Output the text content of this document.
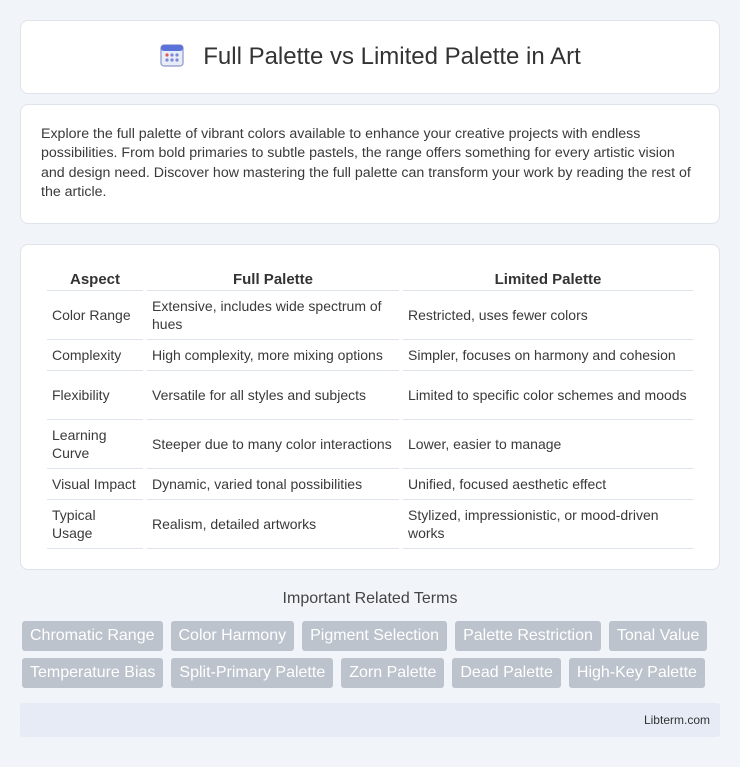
Full Palette vs Limited Palette in Art

Explore the full palette of vibrant colors available to enhance your creative projects with endless possibilities. From bold primaries to subtle pastels, the range offers something for every artistic vision and design need. Discover how mastering the full palette can transform your work by reading the rest of the article.

Aspect	Full Palette	Limited Palette
Color Range	Extensive, includes wide spectrum of hues	Restricted, uses fewer colors
Complexity	High complexity, more mixing options	Simpler, focuses on harmony and cohesion
Flexibility	Versatile for all styles and subjects	Limited to specific color schemes and moods
Learning Curve	Steeper due to many color interactions	Lower, easier to manage
Visual Impact	Dynamic, varied tonal possibilities	Unified, focused aesthetic effect
Typical Usage	Realism, detailed artworks	Stylized, impressionistic, or mood-driven works
Important Related Terms
Chromatic Range	Color Harmony	Pigment Selection	Palette Restriction	Tonal Value
Temperature Bias	Split-Primary Palette	Zorn Palette	Dead Palette	High-Key Palette
Libterm.com
